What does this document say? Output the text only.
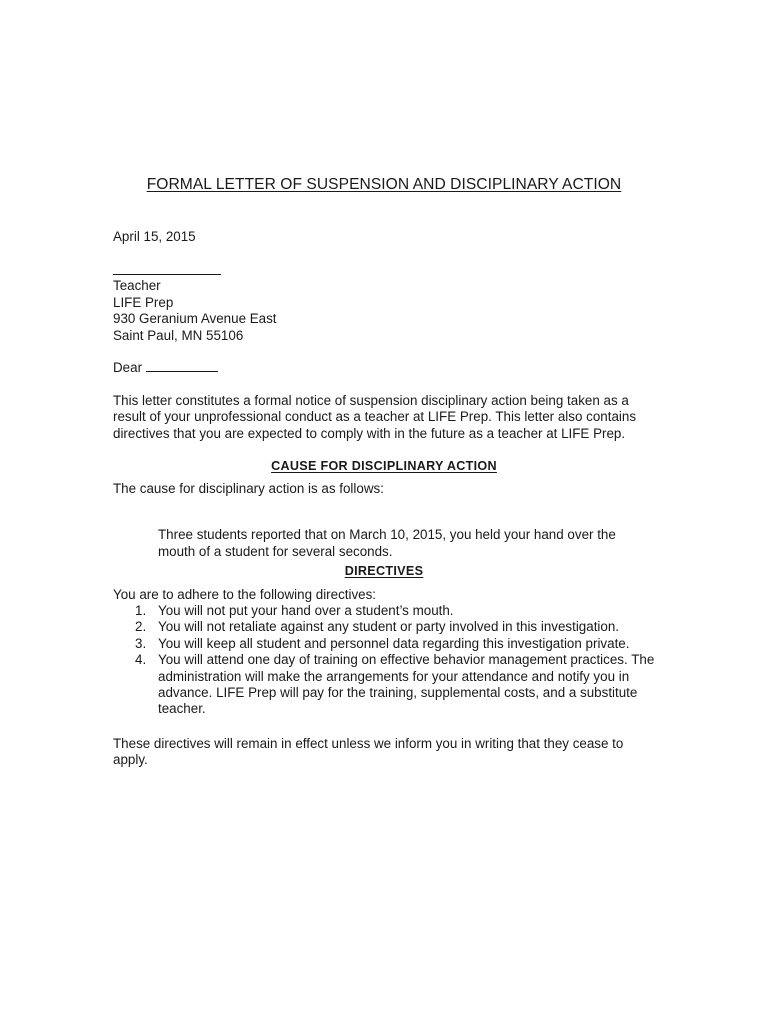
FORMAL LETTER OF SUSPENSION AND DISCIPLINARY ACTION
April 15, 2015
Teacher
LIFE Prep
930 Geranium Avenue East
Saint Paul, MN 55106
Dear

This letter constitutes a formal notice of suspension disciplinary action being taken as a result of your unprofessional conduct as a teacher at LIFE Prep. This letter also contains directives that you are expected to comply with in the future as a teacher at LIFE Prep.

CAUSE FOR DISCIPLINARY ACTION
The cause for disciplinary action is as follows:

Three students reported that on March 10, 2015, you held your hand over the mouth of a student for several seconds.

DIRECTIVES
You are to adhere to the following directives:
1. You will not put your hand over a student’s mouth.
2. You will not retaliate against any student or party involved in this investigation.
3. You will keep all student and personnel data regarding this investigation private.
4. You will attend one day of training on effective behavior management practices. The administration will make the arrangements for your attendance and notify you in advance. LIFE Prep will pay for the training, supplemental costs, and a substitute teacher.

These directives will remain in effect unless we inform you in writing that they cease to apply.
